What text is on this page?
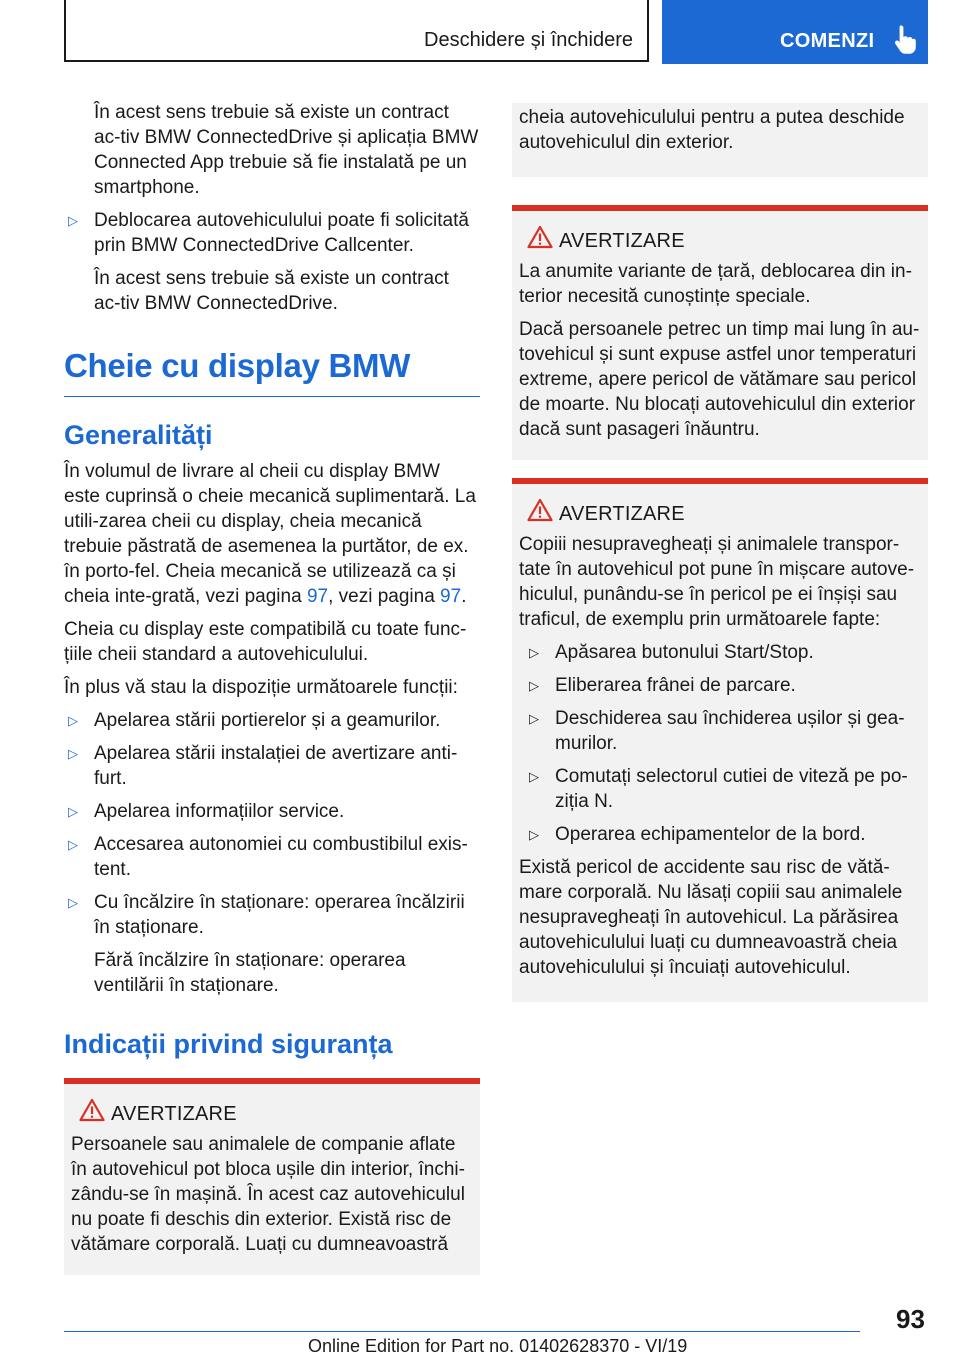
Deschidere și închidere	COMENZI

În acest sens trebuie să existe un contract ac-tiv BMW ConnectedDrive și aplicația BMW Connected App trebuie să fie instalată pe un smartphone.

▷ Deblocarea autovehiculului poate fi solicitată prin BMW ConnectedDrive Callcenter.

În acest sens trebuie să existe un contract ac-tiv BMW ConnectedDrive.

Cheie cu display BMW
Generalități

În volumul de livrare al cheii cu display BMW este cuprinsă o cheie mecanică suplimentară. La utili-zarea cheii cu display, cheia mecanică trebuie păstrată de asemenea la purtător, de ex. în porto-fel. Cheia mecanică se utilizează ca și cheia inte-grată, vezi pagina 97, vezi pagina 97.

Cheia cu display este compatibilă cu toate func-țiile cheii standard a autovehiculului.

În plus vă stau la dispoziție următoarele funcții:

▷ Apelarea stării portierelor și a geamurilor.
▷ Apelarea stării instalației de avertizare anti-furt.
▷ Apelarea informațiilor service.
▷ Accesarea autonomiei cu combustibilul exis-tent.
▷ Cu încălzire în staționare: operarea încălzirii în staționare.

Fără încălzire în staționare: operarea ventilării în staționare.

Indicații privind siguranța
AVERTIZARE

Persoanele sau animalele de companie aflate în autovehicul pot bloca ușile din interior, închi-zându-se în mașină. În acest caz autovehiculul nu poate fi deschis din exterior. Există risc de vătămare corporală. Luați cu dumneavoastră

cheia autovehiculului pentru a putea deschide autovehiculul din exterior.

AVERTIZARE

La anumite variante de țară, deblocarea din in-terior necesită cunoștințe speciale.

Dacă persoanele petrec un timp mai lung în au-tovehicul și sunt expuse astfel unor temperaturi extreme, apere pericol de vătămare sau pericol de moarte. Nu blocați autovehiculul din exterior dacă sunt pasageri înăuntru.

AVERTIZARE

Copiii nesupravegheați și animalele transpor-tate în autovehicul pot pune în mișcare autove-hiculul, punându-se în pericol pe ei înșiși sau traficul, de exemplu prin următoarele fapte:

▷ Apăsarea butonului Start/Stop.
▷ Eliberarea frânei de parcare.
▷ Deschiderea sau închiderea ușilor și gea-murilor.
▷ Comutați selectorul cutiei de viteză pe po-ziția N.
▷ Operarea echipamentelor de la bord.

Există pericol de accidente sau risc de vătă-mare corporală. Nu lăsați copiii sau animalele nesupravegheați în autovehicul. La părăsirea autovehiculului luați cu dumneavoastră cheia autovehiculului și încuiați autovehiculul.

93
Online Edition for Part no. 01402628370 - VI/19
